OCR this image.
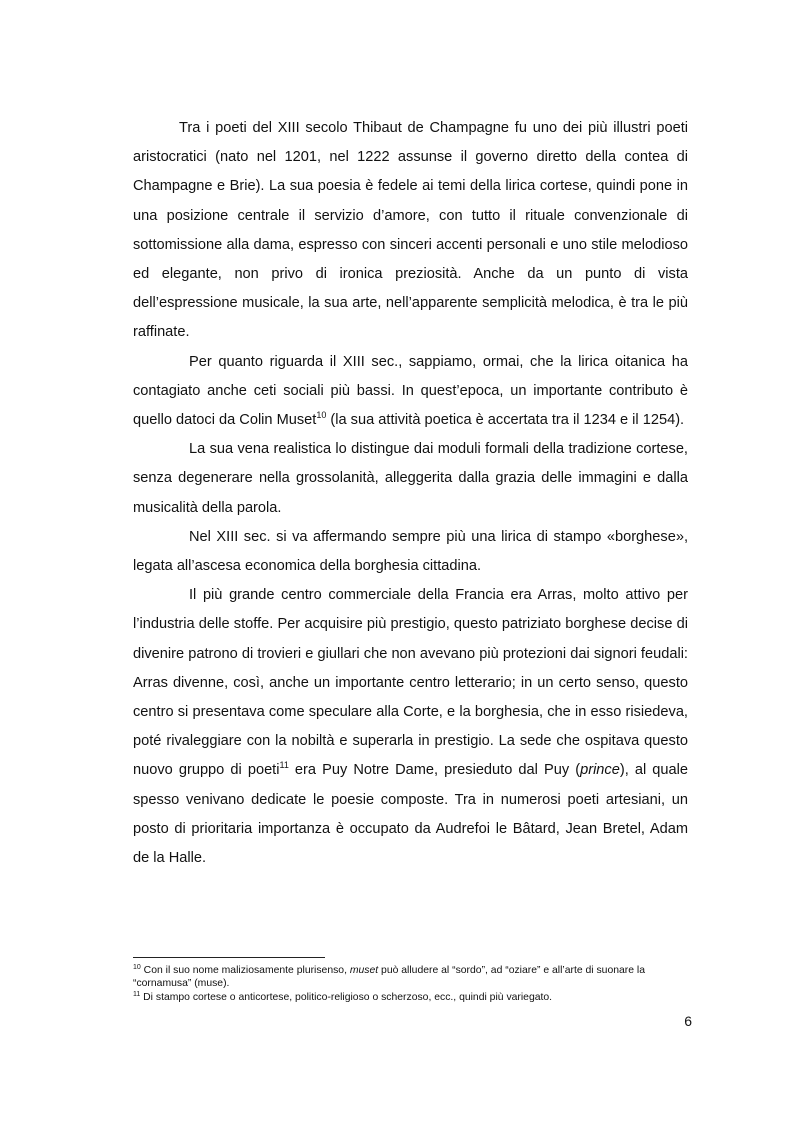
Tra i poeti del XIII secolo Thibaut de Champagne fu uno dei più illustri poeti aristocratici (nato nel 1201, nel 1222 assunse il governo diretto della contea di Champagne e Brie). La sua poesia è fedele ai temi della lirica cortese, quindi pone in una posizione centrale il servizio d’amore, con tutto il rituale convenzionale di sottomissione alla dama, espresso con sinceri accenti personali e uno stile melodioso ed elegante, non privo di ironica preziosità. Anche da un punto di vista dell’espressione musicale, la sua arte, nell’apparente semplicità melodica, è tra le più raffinate.

Per quanto riguarda il XIII sec., sappiamo, ormai, che la lirica oitanica ha contagiato anche ceti sociali più bassi. In quest’epoca, un importante contributo è quello datoci da Colin Muset$^{10}$ (la sua attività poetica è accertata tra il 1234 e il 1254).

La sua vena realistica lo distingue dai moduli formali della tradizione cortese, senza degenerare nella grossolanità, alleggerita dalla grazia delle immagini e dalla musicalità della parola.

Nel XIII sec. si va affermando sempre più una lirica di stampo «borghese», legata all’ascesa economica della borghesia cittadina.

Il più grande centro commerciale della Francia era Arras, molto attivo per l’industria delle stoffe. Per acquisire più prestigio, questo patriziato borghese decise di divenire patrono di trovieri e giullari che non avevano più protezioni dai signori feudali: Arras divenne, così, anche un importante centro letterario; in un certo senso, questo centro si presentava come speculare alla Corte, e la borghesia, che in esso risiedeva, poté rivaleggiare con la nobiltà e superarla in prestigio. La sede che ospitava questo nuovo gruppo di poeti$^{11}$ era Puy Notre Dame, presieduto dal Puy (prince), al quale spesso venivano dedicate le poesie composte. Tra in numerosi poeti artesiani, un posto di prioritaria importanza è occupato da Audrefoi le Bâtard, Jean Bretel, Adam de la Halle.

$^{10}$ Con il suo nome maliziosamente plurisenso, muset può alludere al “sordo”, ad “oziare” e all’arte di suonare la “cornamusa” (muse).

$^{11}$ Di stampo cortese o anticortese, politico-religioso o scherzoso, ecc., quindi più variegato.

6
